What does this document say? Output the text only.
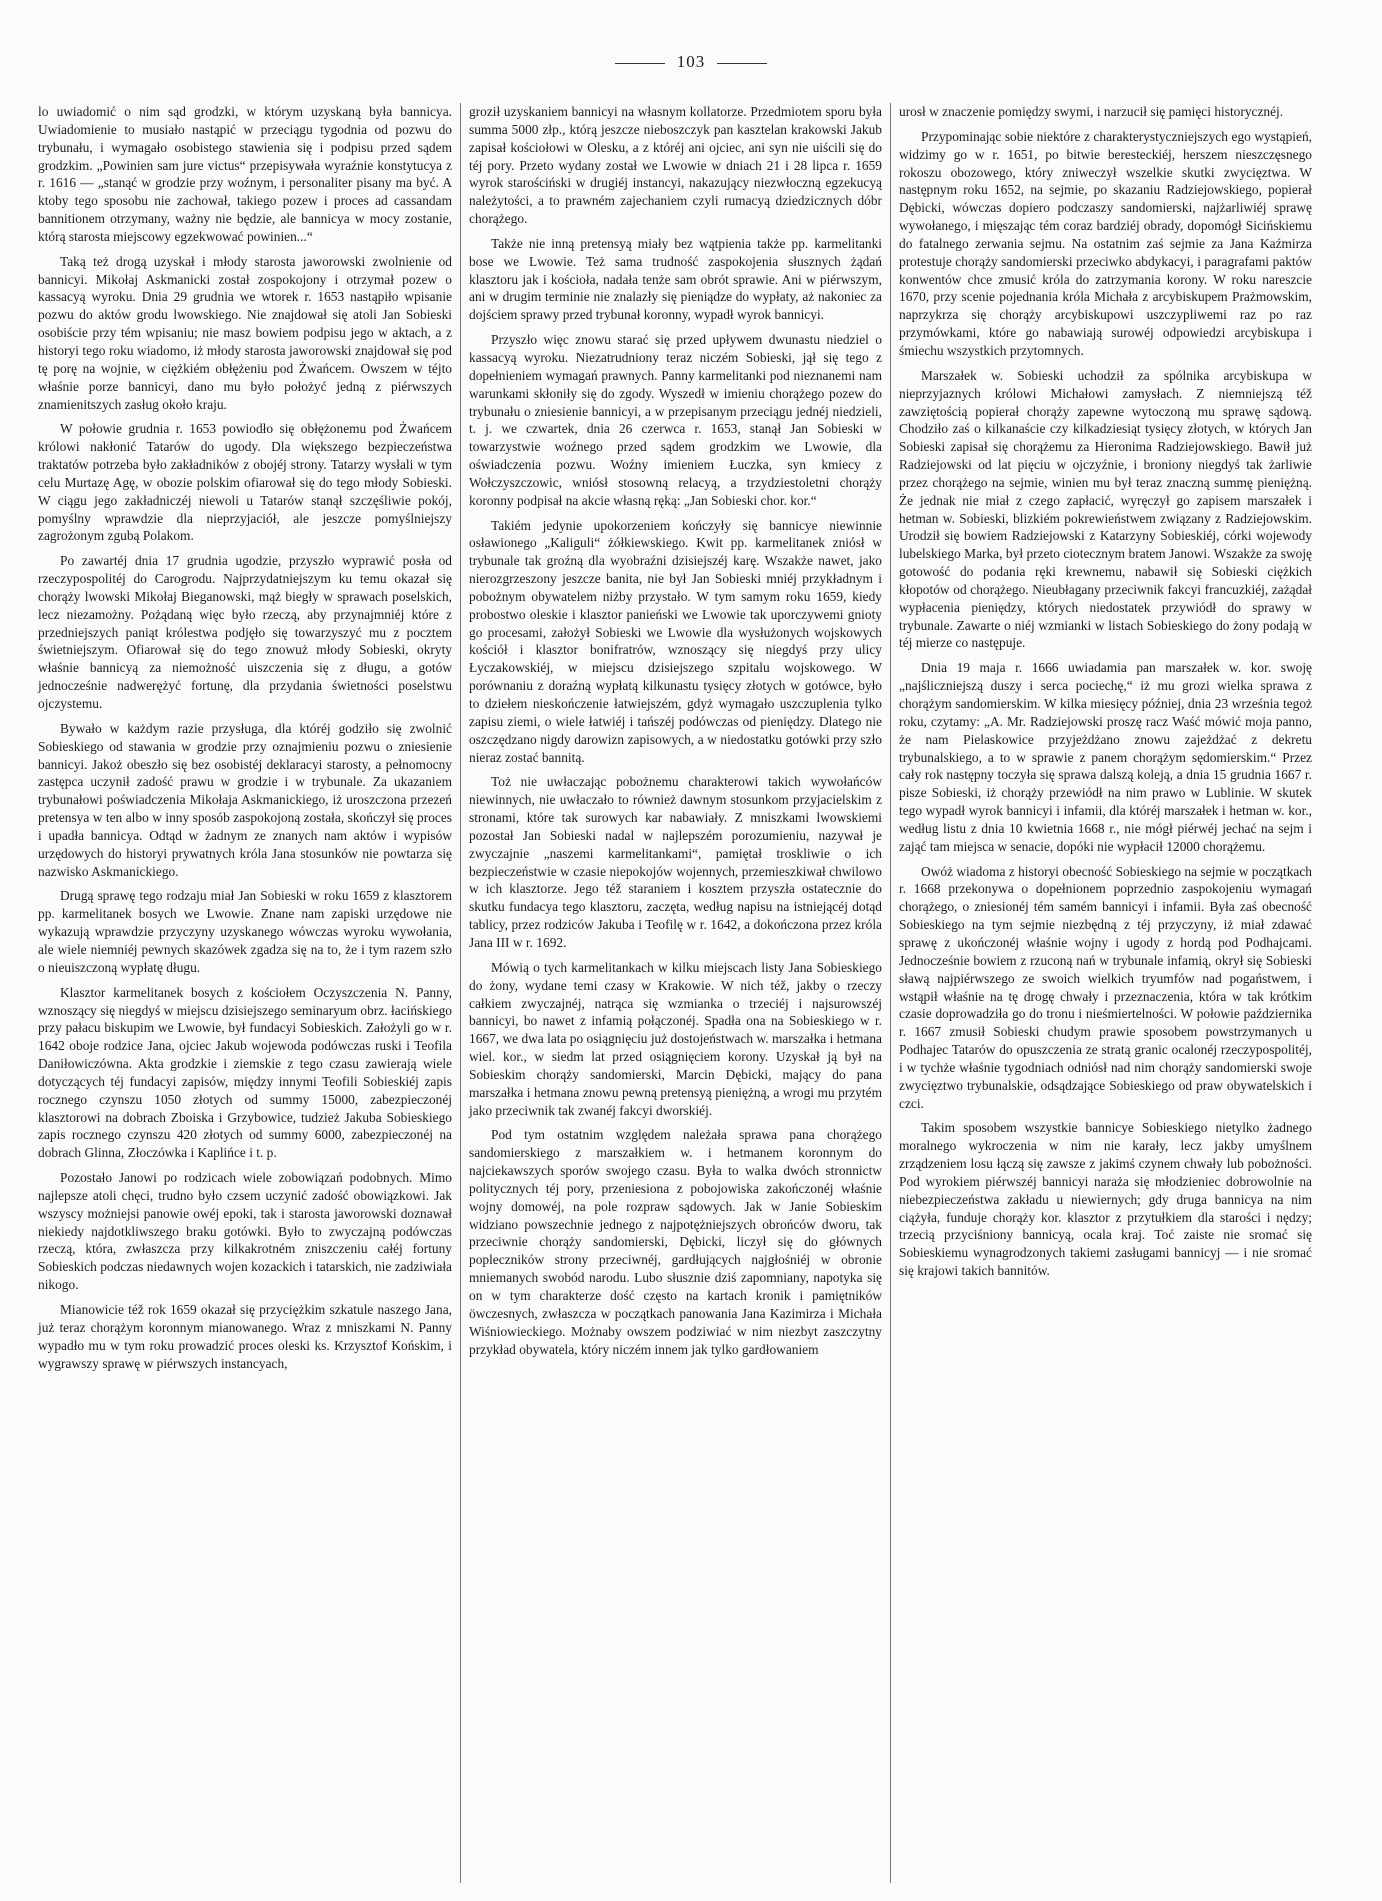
103

lo uwiadomić o nim sąd grodzki, w którym uzyskaną była bannicya. Uwiadomienie to musiało nastąpić w przeciągu tygodnia od pozwu do trybunału, i wymagało osobistego stawienia się i podpisu przed sądem grodzkim. „Powinien sam jure victus“ przepisywała wyraźnie konstytucya z r. 1616 — „stanąć w grodzie przy woźnym, i personaliter pisany ma być. A ktoby tego sposobu nie zachował, takiego pozew i proces ad cassandam bannitionem otrzymany, ważny nie będzie, ale bannicya w mocy zostanie, którą starosta miejscowy egzekwować powinien...“

Taką też drogą uzyskał i młody starosta jaworowski zwolnienie od bannicyi. Mikołaj Askmanicki został zospokojony i otrzymał pozew o kassacyą wyroku. Dnia 29 grudnia we wtorek r. 1653 nastąpiło wpisanie pozwu do aktów grodu lwowskiego. Nie znajdował się atoli Jan Sobieski osobiście przy tém wpisaniu; nie masz bowiem podpisu jego w aktach, a z historyi tego roku wiadomo, iż młody starosta jaworowski znajdował się pod tę porę na wojnie, w ciężkiém obłężeniu pod Żwańcem. Owszem w téjto właśnie porze bannicyi, dano mu było położyć jedną z piérwszych znamienitszych zasług około kraju.

W połowie grudnia r. 1653 powiodło się obłężonemu pod Żwańcem królowi nakłonić Tatarów do ugody. Dla większego bezpieczeństwa traktatów potrzeba było zakładników z obojéj strony. Tatarzy wysłali w tym celu Murtazę Agę, w obozie polskim ofiarował się do tego młody Sobieski. W ciągu jego zakładniczéj niewoli u Tatarów stanął szczęśliwie pokój, pomyślny wprawdzie dla nieprzyjaciół, ale jeszcze pomyślniejszy zagrożonym zgubą Polakom.

Po zawartéj dnia 17 grudnia ugodzie, przyszło wyprawić posła od rzeczypospolitéj do Carogrodu. Najprzydatniejszym ku temu okazał się chorąży lwowski Mikołaj Bieganowski, mąż biegły w sprawach poselskich, lecz niezamożny. Pożądaną więc było rzeczą, aby przynajmniéj które z przedniejszych paniąt królestwa podjęło się towarzyszyć mu z pocztem świetniejszym. Ofiarował się do tego znowuż młody Sobieski, okryty właśnie bannicyą za niemożność uiszczenia się z długu, a gotów jednocześnie nadwerężyć fortunę, dla przydania świetności poselstwu ojczystemu.

Bywało w każdym razie przysługa, dla któréj godziło się zwolnić Sobieskiego od stawania w grodzie przy oznajmieniu pozwu o zniesienie bannicyi. Jakoż obeszło się bez osobistéj deklaracyi starosty, a pełnomocny zastępca uczynił zadość prawu w grodzie i w trybunale. Za ukazaniem trybunałowi poświadczenia Mikołaja Askmanickiego, iż uroszczona przezeń pretensya w ten albo w inny sposób zaspokojoną została, skończył się proces i upadła bannicya. Odtąd w żadnym ze znanych nam aktów i wypisów urzędowych do historyi prywatnych króla Jana stosunków nie powtarza się nazwisko Askmanickiego.

Drugą sprawę tego rodzaju miał Jan Sobieski w roku 1659 z klasztorem pp. karmelitanek bosych we Lwowie. Znane nam zapiski urzędowe nie wykazują wprawdzie przyczyny uzyskanego wówczas wyroku wywołania, ale wiele niemniéj pewnych skazówek zgadza się na to, że i tym razem szło o nieuiszczoną wypłatę długu.

Klasztor karmelitanek bosych z kościołem Oczyszczenia N. Panny, wznoszący się niegdyś w miejscu dzisiejszego seminaryum obrz. łacińskiego przy pałacu biskupim we Lwowie, był fundacyi Sobieskich. Założyli go w r. 1642 oboje rodzice Jana, ojciec Jakub wojewoda podówczas ruski i Teofila Daniłowiczówna. Akta grodzkie i ziemskie z tego czasu zawierają wiele dotyczących téj fundacyi zapisów, między innymi Teofili Sobieskiéj zapis rocznego czynszu 1050 złotych od summy 15000, zabezpieczonéj klasztorowi na dobrach Zboiska i Grzybowice, tudzież Jakuba Sobieskiego zapis rocznego czynszu 420 złotych od summy 6000, zabezpieczonéj na dobrach Glinna, Złoczówka i Kaplińce i t. p.

Pozostało Janowi po rodzicach wiele zobowiązań podobnych. Mimo najlepsze atoli chęci, trudno było czsem uczynić zadość obowiązkowi. Jak wszyscy możniejsi panowie owéj epoki, tak i starosta jaworowski doznawał niekiedy najdotkliwszego braku gotówki. Było to zwyczajną podówczas rzeczą, która, zwłaszcza przy kilkakrotném zniszczeniu całéj fortuny Sobieskich podczas niedawnych wojen kozackich i tatarskich, nie zadziwiała nikogo.

Mianowicie též rok 1659 okazał się przyciężkim szkatule naszego Jana, już teraz chorążym koronnym mianowanego. Wraz z mniszkami N. Panny wypadło mu w tym roku prowadzić proces oleski ks. Krzysztof Końskim, i wygrawszy sprawę w piérwszych instancyach,

groził uzyskaniem bannicyi na własnym kollatorze. Przedmiotem sporu była summa 5000 złp., którą jeszcze nieboszczyk pan kasztelan krakowski Jakub zapisał kościołowi w Olesku, a z któréj ani ojciec, ani syn nie uiścili się do téj pory. Przeto wydany został we Lwowie w dniach 21 i 28 lipca r. 1659 wyrok starościński w drugiéj instancyi, nakazujący niezwłoczną egzekucyą należytości, a to prawném zajechaniem czyli rumacyą dziedzicznych dóbr chorążego.

Także nie inną pretensyą miały bez wątpienia także pp. karmelitanki bose we Lwowie. Też sama trudność zaspokojenia słusznych żądań klasztoru jak i kościoła, nadała tenże sam obrót sprawie. Ani w piérwszym, ani w drugim terminie nie znalazły się pieniądze do wypłaty, aż nakoniec za dojściem sprawy przed trybunał koronny, wypadł wyrok bannicyi.

Przyszło więc znowu starać się przed upływem dwunastu niedziel o kassacyą wyroku. Niezatrudniony teraz niczém Sobieski, jął się tego z dopełnieniem wymagań prawnych. Panny karmelitanki pod nieznanemi nam warunkami skłoniły się do zgody. Wyszedł w imieniu chorążego pozew do trybunału o zniesienie bannicyi, a w przepisanym przeciągu jednéj niedzieli, t. j. we czwartek, dnia 26 czerwca r. 1653, stanął Jan Sobieski w towarzystwie woźnego przed sądem grodzkim we Lwowie, dla oświadczenia pozwu. Woźny imieniem Łuczka, syn kmiecy z Wołczyszczowic, wniósł stosowną relacyą, a trzydziestoletni chorąży koronny podpisał na akcie własną ręką: „Jan Sobieski chor. kor.“

Takiém jedynie upokorzeniem kończyły się bannicye niewinnie osławionego „Kaliguli“ żółkiewskiego. Kwit pp. karmelitanek zniósł w trybunale tak groźną dla wyobraźni dzisiejszéj karę. Wszakże nawet, jako nierozgrzeszony jeszcze banita, nie był Jan Sobieski mniéj przykładnym i pobożnym obywatelem niżby przystało. W tym samym roku 1659, kiedy probostwo oleskie i klasztor panieński we Lwowie tak uporczywemi gnioty go procesami, założył Sobieski we Lwowie dla wysłużonych wojskowych kościół i klasztor bonifratrów, wznoszący się niegdyś przy ulicy Łyczakowskiéj, w miejscu dzisiejszego szpitalu wojskowego. W porównaniu z doraźną wypłatą kilkunastu tysięcy złotych w gotówce, było to dziełem nieskończenie łatwiejszém, gdyż wymagało uszczuplenia tylko zapisu ziemi, o wiele łatwiéj i tańszéj podówczas od pieniędzy. Dlatego nie oszczędzano nigdy darowizn zapisowych, a w niedostatku gotówki przy szło nieraz zostać bannitą.

Toż nie uwłaczając pobożnemu charakterowi takich wywołańców niewinnych, nie uwłaczało to również dawnym stosunkom przyjacielskim z stronami, które tak surowych kar nabawiały. Z mniszkami lwowskiemi pozostał Jan Sobieski nadal w najlepszém porozumieniu, nazywał je zwyczajnie „naszemi karmelitankami“, pamiętał troskliwie o ich bezpieczeństwie w czasie niepokojów wojennych, przemieszkiwał chwilowo w ich klasztorze. Jego též staraniem i kosztem przyszła ostatecznie do skutku fundacya tego klasztoru, zaczęta, według napisu na istniejącéj dotąd tablicy, przez rodziców Jakuba i Teofilę w r. 1642, a dokończona przez króla Jana III w r. 1692.

Mówią o tych karmelitankach w kilku miejscach listy Jana Sobieskiego do żony, wydane temi czasy w Krakowie. W nich též, jakby o rzeczy całkiem zwyczajnéj, natrąca się wzmianka o trzeciéj i najsurowszéj bannicyi, bo nawet z infamią połączonéj. Spadła ona na Sobieskiego w r. 1667, we dwa lata po osiągnięciu już dostojeństwach w. marszałka i hetmana wiel. kor., w siedm lat przed osiągnięciem korony. Uzyskał ją był na Sobieskim chorąży sandomierski, Marcin Dębicki, mający do pana marszałka i hetmana znowu pewną pretensyą pieniężną, a wrogi mu przytém jako przeciwnik tak zwanéj fakcyi dworskiéj.

Pod tym ostatnim względem należała sprawa pana chorążego sandomierskiego z marszałkiem w. i hetmanem koronnym do najciekawszych sporów swojego czasu. Była to walka dwóch stronnictw politycznych téj pory, przeniesiona z pobojowiska zakończonéj właśnie wojny domowéj, na pole rozpraw sądowych. Jak w Janie Sobieskim widziano powszechnie jednego z najpotężniejszych obrońców dworu, tak przeciwnie chorąży sandomierski, Dębicki, liczył się do głównych popleczników strony przeciwnéj, gardłujących najgłośniéj w obronie mniemanych swobód narodu. Lubo słusznie dziś zapomniany, napotyka się on w tym charakterze dość często na kartach kronik i pamiętników öwczesnych, zwłaszcza w początkach panowania Jana Kazimirza i Michała Wiśniowieckiego. Możnaby owszem podziwiać w nim niezbyt zaszczytny przykład obywatela, który niczém innem jak tylko gardłowaniem

urosł w znaczenie pomiędzy swymi, i narzucił się pamięci historycznéj.

Przypominając sobie niektóre z charakterystyczniejszych ego wystąpień, widzimy go w r. 1651, po bitwie beresteckiéj, herszem nieszczęsnego rokoszu obozowego, który zniweczył wszelkie skutki zwycięztwa. W następnym roku 1652, na sejmie, po skazaniu Radziejowskiego, popierał Dębicki, wówczas dopiero podczaszy sandomierski, najżarliwiéj sprawę wywołanego, i mięszając tém coraz bardziéj obrady, dopomógł Sicińskiemu do fatalnego zerwania sejmu. Na ostatnim zaś sejmie za Jana Kaźmirza protestuje chorąży sandomierski przeciwko abdykacyi, i paragrafami paktów konwentów chce zmusić króla do zatrzymania korony. W roku nareszcie 1670, przy scenie pojednania króla Michała z arcybiskupem Prażmowskim, naprzykrza się chorąży arcybiskupowi uszczypliwemi raz po raz przymówkami, które go nabawiają surowéj odpowiedzi arcybiskupa i śmiechu wszystkich przytomnych.

Marszałek w. Sobieski uchodził za spólnika arcybiskupa w nieprzyjaznych królowi Michałowi zamysłach. Z niemniejszą též zawziętością popierał chorąży zapewne wytoczoną mu sprawę sądową. Chodziło zaś o kilkanaście czy kilkadziesiąt tysięcy złotych, w których Jan Sobieski zapisał się chorążemu za Hieronima Radziejowskiego. Bawił już Radziejowski od lat pięciu w ojczyźnie, i broniony niegdyś tak żarliwie przez chorążego na sejmie, winien mu był teraz znaczną summę pieniężną. Że jednak nie miał z czego zapłacić, wyręczył go zapisem marszałek i hetman w. Sobieski, blizkiém pokrewieństwem związany z Radziejowskim. Urodził się bowiem Radziejowski z Katarzyny Sobieskiéj, córki wojewody lubelskiego Marka, był przeto ciotecznym bratem Janowi. Wszakże za swoję gotowość do podania ręki krewnemu, nabawił się Sobieski ciężkich kłopotów od chorążego. Nieubłagany przeciwnik fakcyi francuzkiéj, zażądał wypłacenia pieniędzy, których niedostatek przywiódł do sprawy w trybunale. Zawarte o niéj wzmianki w listach Sobieskiego do żony podają w téj mierze co następuje.

Dnia 19 maja r. 1666 uwiadamia pan marszałek w. kor. swoję „najśliczniejszą duszy i serca pociechę,“ iż mu grozi wielka sprawa z chorążym sandomierskim. W kilka miesięcy później, dnia 23 września tegoż roku, czytamy: „A. Mr. Radziejowski proszę racz Waść mówić moja panno, że nam Pielaskowice przyjeżdżano znowu zajeżdżać z dekretu trybunalskiego, a to w sprawie z panem chorążym sędomierskim.“ Przez cały rok następny toczyła się sprawa dalszą koleją, a dnia 15 grudnia 1667 r. pisze Sobieski, iż chorąży przewiódł na nim prawo w Lublinie. W skutek tego wypadł wyrok bannicyi i infamii, dla któréj marszałek i hetman w. kor., według listu z dnia 10 kwietnia 1668 r., nie mógł piérwéj jechać na sejm i zająć tam miejsca w senacie, dopóki nie wypłacił 12000 chorążemu.

Owóż wiadoma z historyi obecność Sobieskiego na sejmie w początkach r. 1668 przekonywa o dopełnionem poprzednio zaspokojeniu wymagań chorążego, o zniesionéj tém samém bannicyi i infamii. Była zaś obecność Sobieskiego na tym sejmie niezbędną z téj przyczyny, iż miał zdawać sprawę z ukończonéj właśnie wojny i ugody z hordą pod Podhajcami. Jednocześnie bowiem z rzuconą nań w trybunale infamią, okrył się Sobieski sławą najpiérwszego ze swoich wielkich tryumfów nad pogaństwem, i wstąpił właśnie na tę drogę chwały i przeznaczenia, która w tak krótkim czasie doprowadziła go do tronu i nieśmiertelności. W połowie października r. 1667 zmusił Sobieski chudym prawie sposobem powstrzymanych u Podhajec Tatarów do opuszczenia ze stratą granic ocalonéj rzeczypospolitéj, i w tychże właśnie tygodniach odniósł nad nim chorąży sandomierski swoje zwycięztwo trybunalskie, odsądzające Sobieskiego od praw obywatelskich i czci.

Takim sposobem wszystkie bannicye Sobieskiego nietylko żadnego moralnego wykroczenia w nim nie karały, lecz jakby umyślnem zrządzeniem losu łączą się zawsze z jakimś czynem chwały lub pobożności. Pod wyrokiem piérwszéj bannicyi naraża się młodzieniec dobrowolnie na niebezpieczeństwa zakładu u niewiernych; gdy druga bannicya na nim ciążyła, funduje chorąży kor. klasztor z przytułkiem dla starości i nędzy; trzecią przyciśniony bannicyą, ocala kraj. Toć zaiste nie sromać się Sobieskiemu wynagrodzonych takiemi zasługami bannicyj — i nie sromać się krajowi takich bannitów.
